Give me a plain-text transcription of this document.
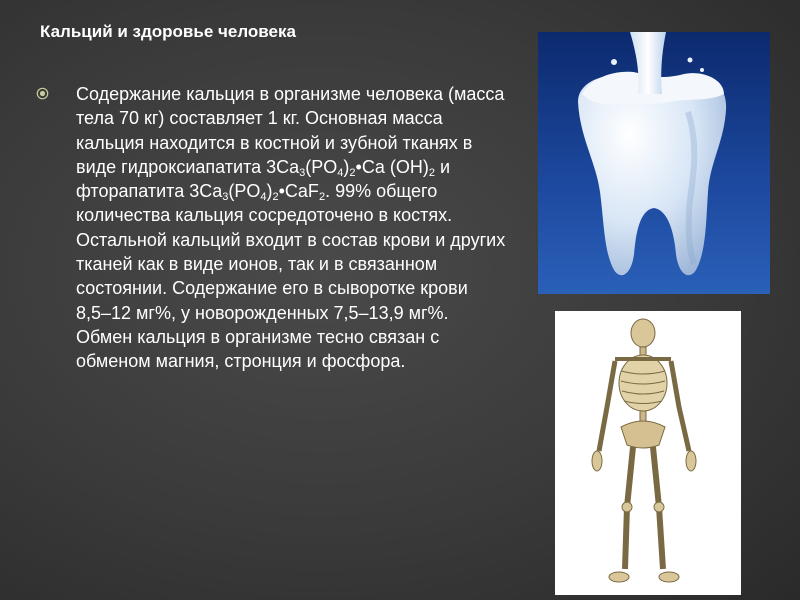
Кальций и здоровье человека
Содержание кальция в организме человека (масса тела 70 кг) составляет 1 кг. Основная масса кальция находится в костной и зубной тканях в виде гидроксиапатита $3Ca_3(PO_4)_2•Ca$ $(OH)_2$ и фторапатита $3Ca_3(PO_4)_2•CaF_2$. 99% общего количества кальция сосредоточено в костях. Остальной кальций входит в состав крови и других тканей как в виде ионов, так и в связанном состоянии. Содержание его в сыворотке крови 8,5–12 мг%, у новорожденных 7,5–13,9 мг%. Обмен кальция в организме тесно связан с обменом магния, стронция и фосфора.
